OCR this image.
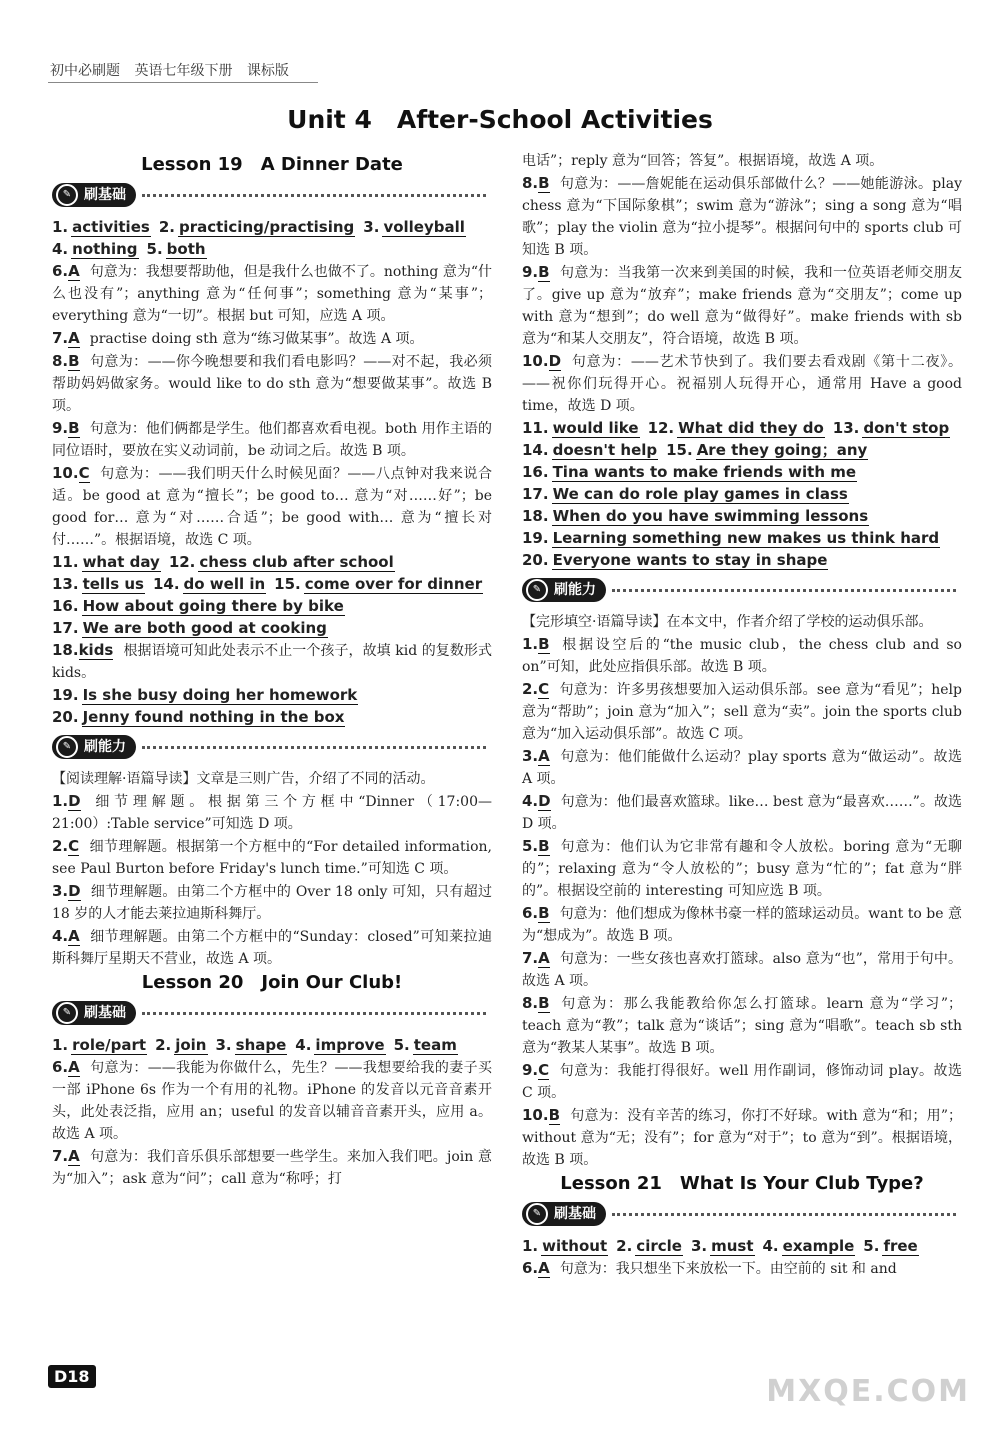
初中必刷题 英语七年级下册 课标版
Unit 4　After-School Activities
Lesson 19　A Dinner Date
✎ 刷基础
1. activities 2. practicing/practising 3. volleyball
4. nothing 5. both
6.A 句意为：我想要帮助他，但是我什么也做不了。nothing 意为“什么也没有”；anything 意为“任何事”；something 意为“某事”；everything 意为“一切”。根据 but 可知，应选 A 项。
7.A practise doing sth 意为“练习做某事”。故选 A 项。
8.B 句意为：——你今晚想要和我们看电影吗？——对不起，我必须帮助妈妈做家务。would like to do sth 意为“想要做某事”。故选 B 项。
9.B 句意为：他们俩都是学生。他们都喜欢看电视。both 用作主语的同位语时，要放在实义动词前，be 动词之后。故选 B 项。
10.C 句意为：——我们明天什么时候见面？——八点钟对我来说合适。be good at 意为“擅长”；be good to… 意为“对……好”；be good for… 意为“对……合适”；be good with… 意为“擅长对付……”。根据语境，故选 C 项。
11. what day 12. chess club after school
13. tells us 14. do well in 15. come over for dinner
16. How about going there by bike
17. We are both good at cooking
18.kids 根据语境可知此处表示不止一个孩子，故填 kid 的复数形式 kids。
19. Is she busy doing her homework
20. Jenny found nothing in the box
✎ 刷能力
【阅读理解·语篇导读】文章是三则广告，介绍了不同的活动。
1.D 细节理解题。根据第三个方框中“Dinner（17:00—21:00）:Table service”可知选 D 项。
2.C 细节理解题。根据第一个方框中的“For detailed information, see Paul Burton before Friday's lunch time.”可知选 C 项。
3.D 细节理解题。由第二个方框中的 Over 18 only 可知，只有超过 18 岁的人才能去莱拉迪斯科舞厅。
4.A 细节理解题。由第二个方框中的“Sunday：closed”可知莱拉迪斯科舞厅星期天不营业，故选 A 项。
Lesson 20　Join Our Club!
✎ 刷基础
1. role/part 2. join 3. shape 4. improve 5. team
6.A 句意为：——我能为你做什么，先生？——我想要给我的妻子买一部 iPhone 6s 作为一个有用的礼物。iPhone 的发音以元音音素开头，此处表泛指，应用 an；useful 的发音以辅音音素开头，应用 a。故选 A 项。
7.A 句意为：我们音乐俱乐部想要一些学生。来加入我们吧。join 意为“加入”；ask 意为“问”；call 意为“称呼；打
电话”；reply 意为“回答；答复”。根据语境，故选 A 项。
8.B 句意为：——詹妮能在运动俱乐部做什么？——她能游泳。play chess 意为“下国际象棋”；swim 意为“游泳”；sing a song 意为“唱歌”；play the violin 意为“拉小提琴”。根据问句中的 sports club 可知选 B 项。
9.B 句意为：当我第一次来到美国的时候，我和一位英语老师交朋友了。give up 意为“放弃”；make friends 意为“交朋友”；come up with 意为“想到”；do well 意为“做得好”。make friends with sb 意为“和某人交朋友”，符合语境，故选 B 项。
10.D 句意为：——艺术节快到了。我们要去看戏剧《第十二夜》。——祝你们玩得开心。祝福别人玩得开心，通常用 Have a good time，故选 D 项。
11. would like 12. What did they do 13. don't stop
14. doesn't help 15. Are they going；any
16. Tina wants to make friends with me
17. We can do role play games in class
18. When do you have swimming lessons
19. Learning something new makes us think hard
20. Everyone wants to stay in shape
✎ 刷能力
【完形填空·语篇导读】在本文中，作者介绍了学校的运动俱乐部。
1.B 根据设空后的“the music club，the chess club and so on”可知，此处应指俱乐部。故选 B 项。
2.C 句意为：许多男孩想要加入运动俱乐部。see 意为“看见”；help 意为“帮助”；join 意为“加入”；sell 意为“卖”。join the sports club 意为“加入运动俱乐部”。故选 C 项。
3.A 句意为：他们能做什么运动？play sports 意为“做运动”。故选 A 项。
4.D 句意为：他们最喜欢篮球。like… best 意为“最喜欢……”。故选 D 项。
5.B 句意为：他们认为它非常有趣和令人放松。boring 意为“无聊的”；relaxing 意为“令人放松的”；busy 意为“忙的”；fat 意为“胖的”。根据设空前的 interesting 可知应选 B 项。
6.B 句意为：他们想成为像林书豪一样的篮球运动员。want to be 意为“想成为”。故选 B 项。
7.A 句意为：一些女孩也喜欢打篮球。also 意为“也”，常用于句中。故选 A 项。
8.B 句意为：那么我能教给你怎么打篮球。learn 意为“学习”；teach 意为“教”；talk 意为“谈话”；sing 意为“唱歌”。teach sb sth 意为“教某人某事”。故选 B 项。
9.C 句意为：我能打得很好。well 用作副词，修饰动词 play。故选 C 项。
10.B 句意为：没有辛苦的练习，你打不好球。with 意为“和；用”；without 意为“无；没有”；for 意为“对于”；to 意为“到”。根据语境，故选 B 项。
Lesson 21　What Is Your Club Type?
✎ 刷基础
1. without 2. circle 3. must 4. example 5. free
6.A 句意为：我只想坐下来放松一下。由空前的 sit 和 and
D18	MXQE.COM
